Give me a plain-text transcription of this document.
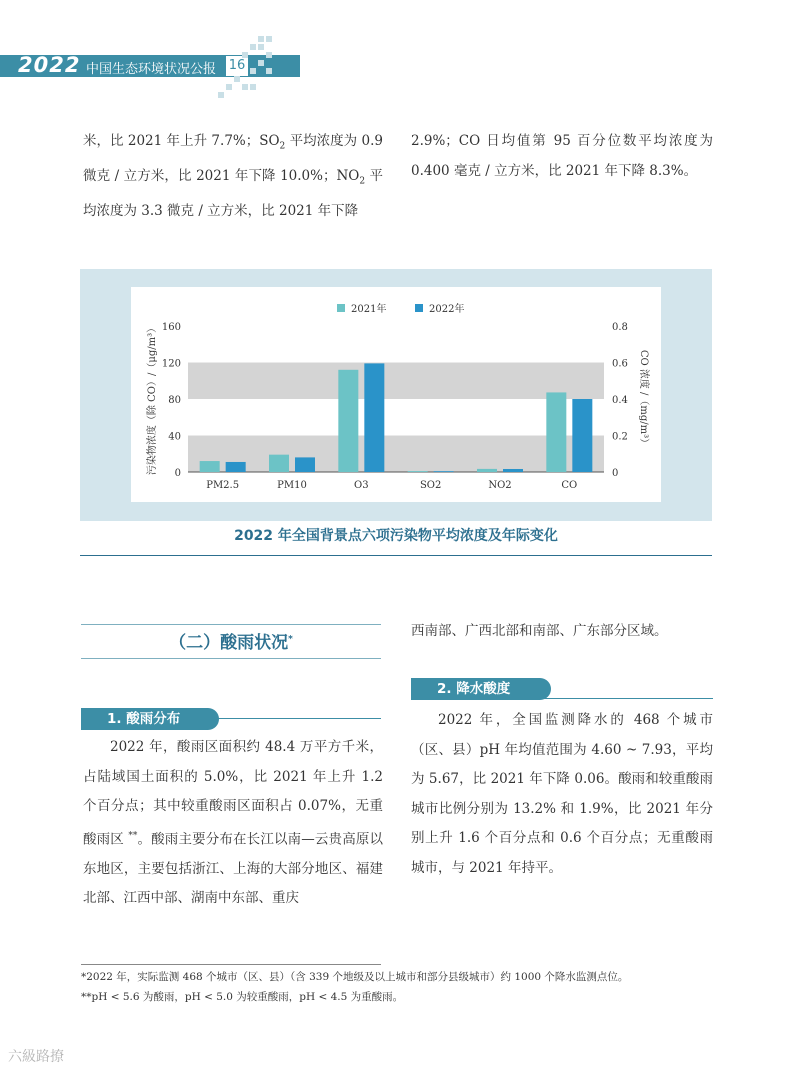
2022 中国生态环境状况公报 16
米，比 2021 年上升 7.7%；$SO_2$ 平均浓度为 0.9 微克 / 立方米，比 2021 年下降 10.0%；$NO_2$ 平均浓度为 3.3 微克 / 立方米，比 2021 年下降
2.9%；CO 日均值第 95 百分位数平均浓度为 0.400 毫克 / 立方米，比 2021 年下降 8.3%。
0
40
80
120
160
0
0.2
0.4
0.6
0.8
污染物浓度（除 CO）/（μg/m³）	CO 浓度 /（mg/m³）
2021年	2022年
PM2.5	PM10	O3	SO2	NO2	CO
2022 年全国背景点六项污染物平均浓度及年际变化
（二）酸雨状况*
1. 酸雨分布
2022 年，酸雨区面积约 48.4 万平方千米，占陆域国土面积的 5.0%，比 2021 年上升 1.2 个百分点；其中较重酸雨区面积占 0.07%，无重酸雨区 **。酸雨主要分布在长江以南—云贵高原以东地区，主要包括浙江、上海的大部分地区、福建北部、江西中部、湖南中东部、重庆
西南部、广西北部和南部、广东部分区域。
2. 降水酸度
2022 年，全国监测降水的 468 个城市（区、县）pH 年均值范围为 4.60 ~ 7.93，平均为 5.67，比 2021 年下降 0.06。酸雨和较重酸雨城市比例分别为 13.2% 和 1.9%，比 2021 年分别上升 1.6 个百分点和 0.6 个百分点；无重酸雨城市，与 2021 年持平。
*2022 年，实际监测 468 个城市（区、县）（含 339 个地级及以上城市和部分县级城市）约 1000 个降水监测点位。
**pH < 5.6 为酸雨，pH < 5.0 为较重酸雨，pH < 4.5 为重酸雨。
六級路撩
